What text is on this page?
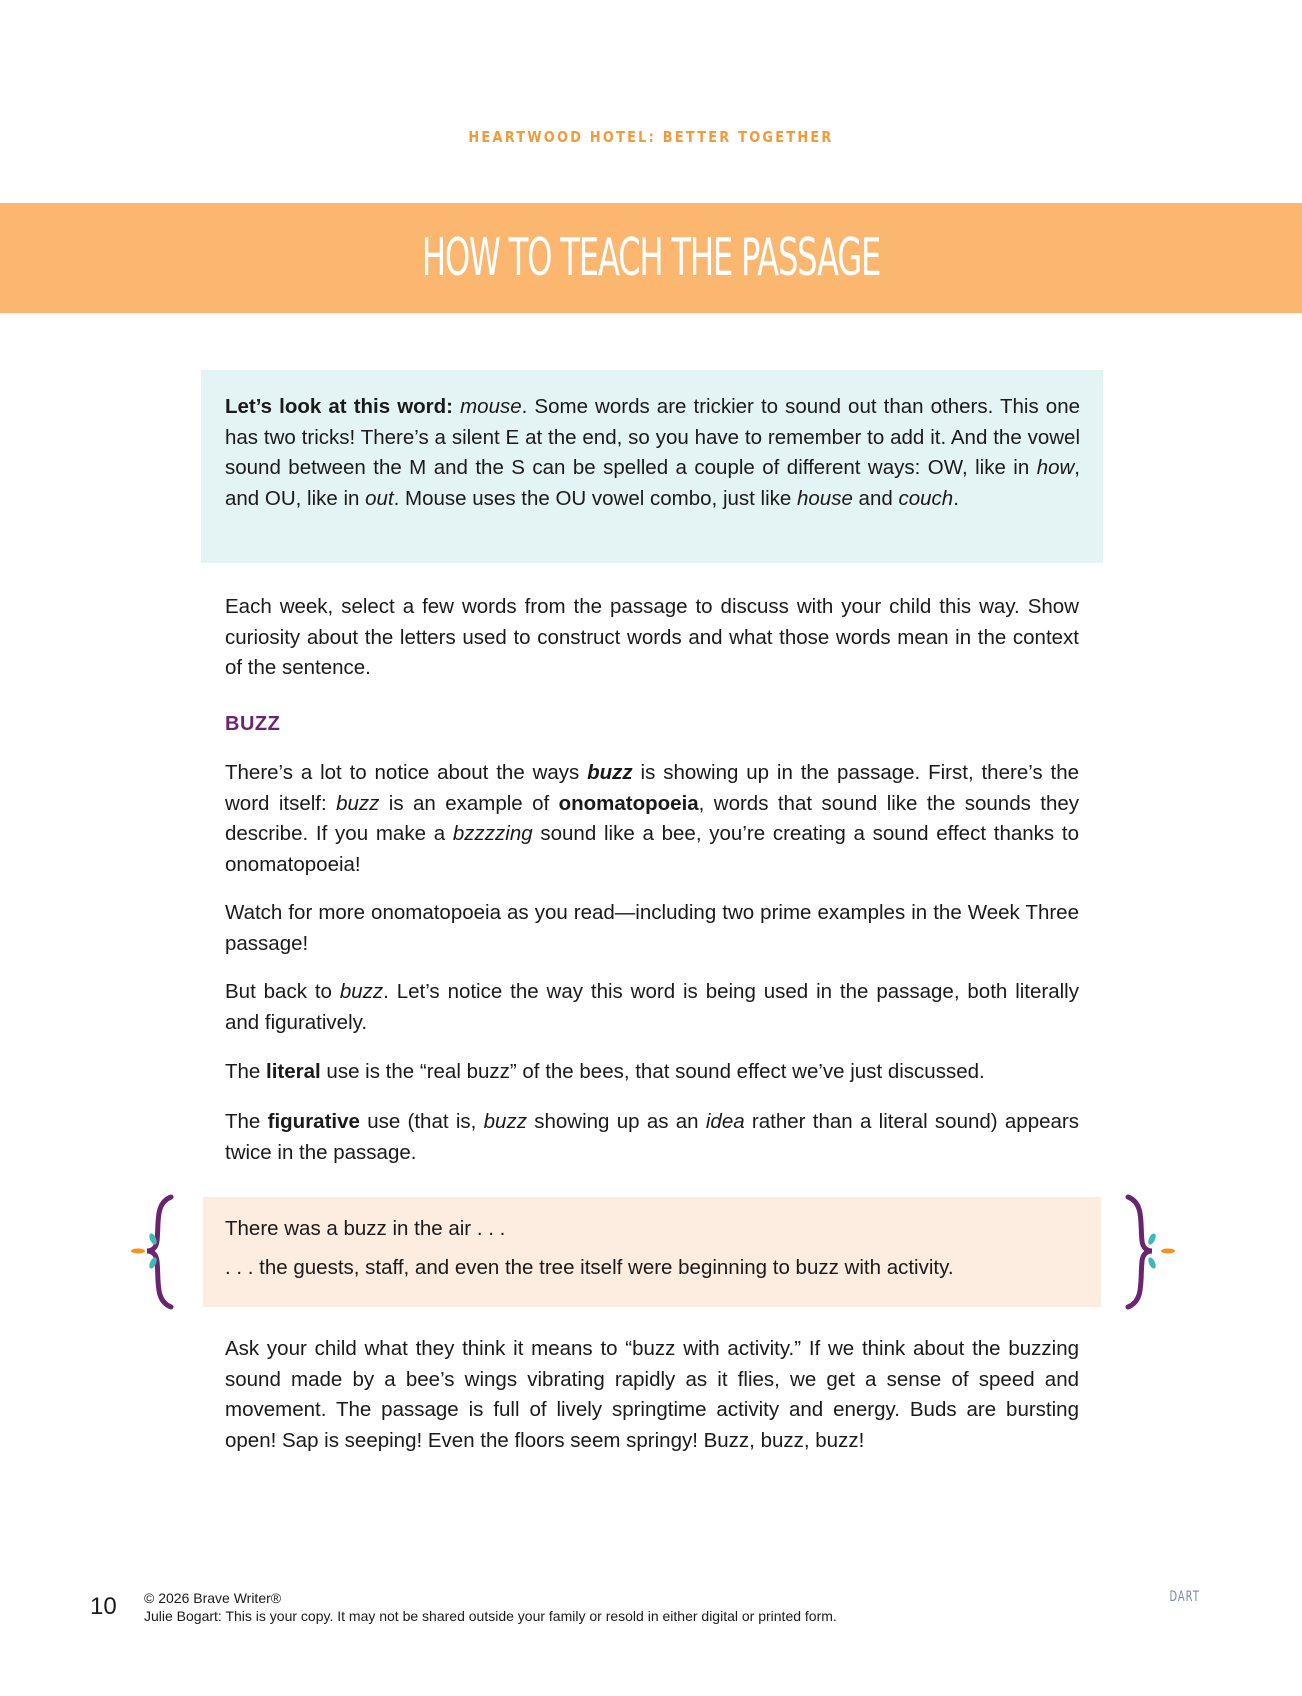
HEARTWOOD HOTEL: BETTER TOGETHER
HOW TO TEACH THE PASSAGE

Let’s look at this word: mouse. Some words are trickier to sound out than others. This one has two tricks! There’s a silent E at the end, so you have to remember to add it. And the vowel sound between the M and the S can be spelled a couple of different ways: OW, like in how, and OU, like in out. Mouse uses the OU vowel combo, just like house and couch.

Each week, select a few words from the passage to discuss with your child this way. Show curiosity about the letters used to construct words and what those words mean in the context of the sentence.

BUZZ

There’s a lot to notice about the ways buzz is showing up in the passage. First, there’s the word itself: buzz is an example of onomatopoeia, words that sound like the sounds they describe. If you make a bzzzzing sound like a bee, you’re creating a sound effect thanks to onomatopoeia!

Watch for more onomatopoeia as you read—including two prime examples in the Week Three passage!

But back to buzz. Let’s notice the way this word is being used in the passage, both literally and figuratively.

The literal use is the “real buzz” of the bees, that sound effect we’ve just discussed.

The figurative use (that is, buzz showing up as an idea rather than a literal sound) appears twice in the passage.

There was a buzz in the air . . .
. . . the guests, staff, and even the tree itself were beginning to buzz with activity.

Ask your child what they think it means to “buzz with activity.” If we think about the buzzing sound made by a bee’s wings vibrating rapidly as it flies, we get a sense of speed and movement. The passage is full of lively springtime activity and energy. Buds are bursting open! Sap is seeping! Even the floors seem springy! Buzz, buzz, buzz!

10 © 2026 Brave Writer®
Julie Bogart: This is your copy. It may not be shared outside your family or resold in either digital or printed form.
DART
